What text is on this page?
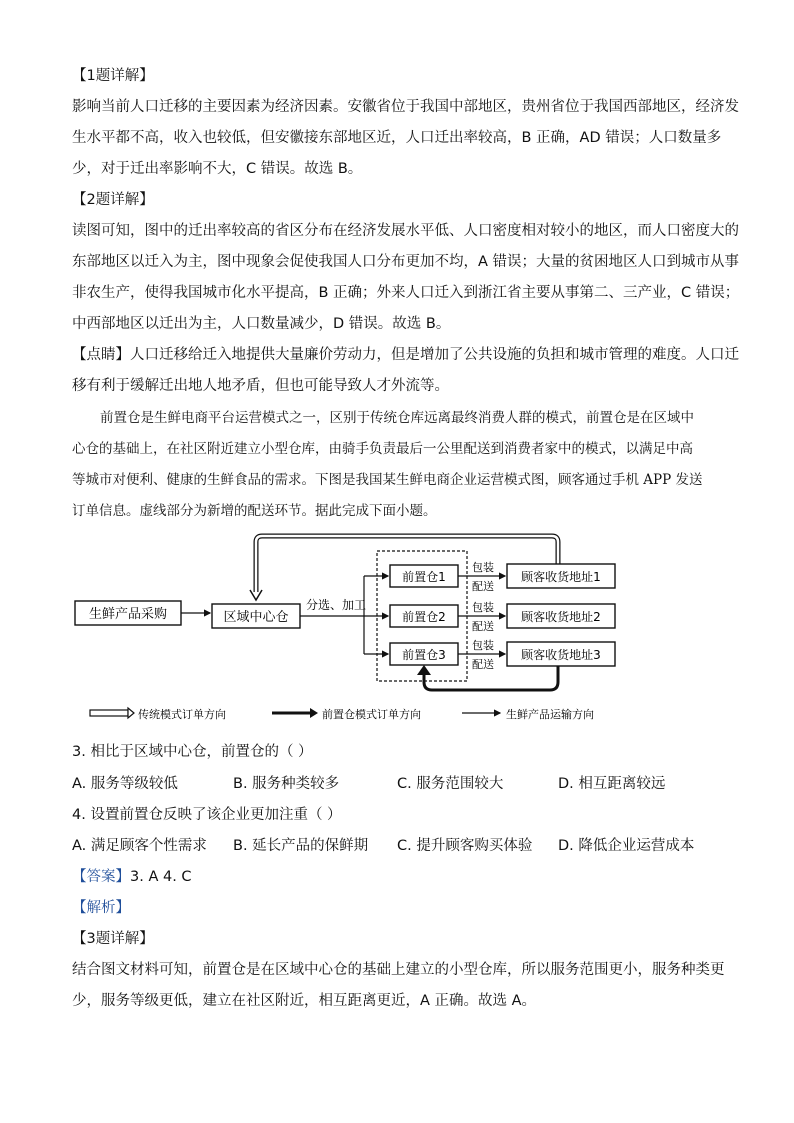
【1题详解】
影响当前人口迁移的主要因素为经济因素。安徽省位于我国中部地区，贵州省位于我国西部地区，经济发
生水平都不高，收入也较低，但安徽接东部地区近，人口迁出率较高，B 正确，AD 错误；人口数量多
少，对于迁出率影响不大，C 错误。故选 B。
【2题详解】
读图可知，图中的迁出率较高的省区分布在经济发展水平低、人口密度相对较小的地区，而人口密度大的
东部地区以迁入为主，图中现象会促使我国人口分布更加不均，A 错误；大量的贫困地区人口到城市从事
非农生产，使得我国城市化水平提高，B 正确；外来人口迁入到浙江省主要从事第二、三产业，C 错误；
中西部地区以迁出为主，人口数量减少，D 错误。故选 B。
【点睛】人口迁移给迁入地提供大量廉价劳动力，但是增加了公共设施的负担和城市管理的难度。人口迁
移有利于缓解迁出地人地矛盾，但也可能导致人才外流等。
前置仓是生鲜电商平台运营模式之一，区别于传统仓库远离最终消费人群的模式，前置仓是在区域中
心仓的基础上，在社区附近建立小型仓库，由骑手负责最后一公里配送到消费者家中的模式，以满足中高
等城市对便利、健康的生鲜食品的需求。下图是我国某生鲜电商企业运营模式图，顾客通过手机 APP 发送
订单信息。虚线部分为新增的配送环节。据此完成下面小题。
生鲜产品采购	区域中心仓
分选、加工
前置仓1
前置仓2
前置仓3
包装
配送
包装
配送
包装
配送
顾客收货地址1
顾客收货地址2
顾客收货地址3
传统模式订单方向	前置仓模式订单方向	生鲜产品运输方向
3. 相比于区域中心仓，前置仓的（ ）
A. 服务等级较低	B. 服务种类较多	C. 服务范围较大	D. 相互距离较远
4. 设置前置仓反映了该企业更加注重（ ）
A. 满足顾客个性需求 B. 延长产品的保鲜期 C. 提升顾客购买体验 D. 降低企业运营成本
【答案】3. A 4. C
【解析】
【3题详解】
结合图文材料可知，前置仓是在区域中心仓的基础上建立的小型仓库，所以服务范围更小，服务种类更
少，服务等级更低，建立在社区附近，相互距离更近，A 正确。故选 A。
